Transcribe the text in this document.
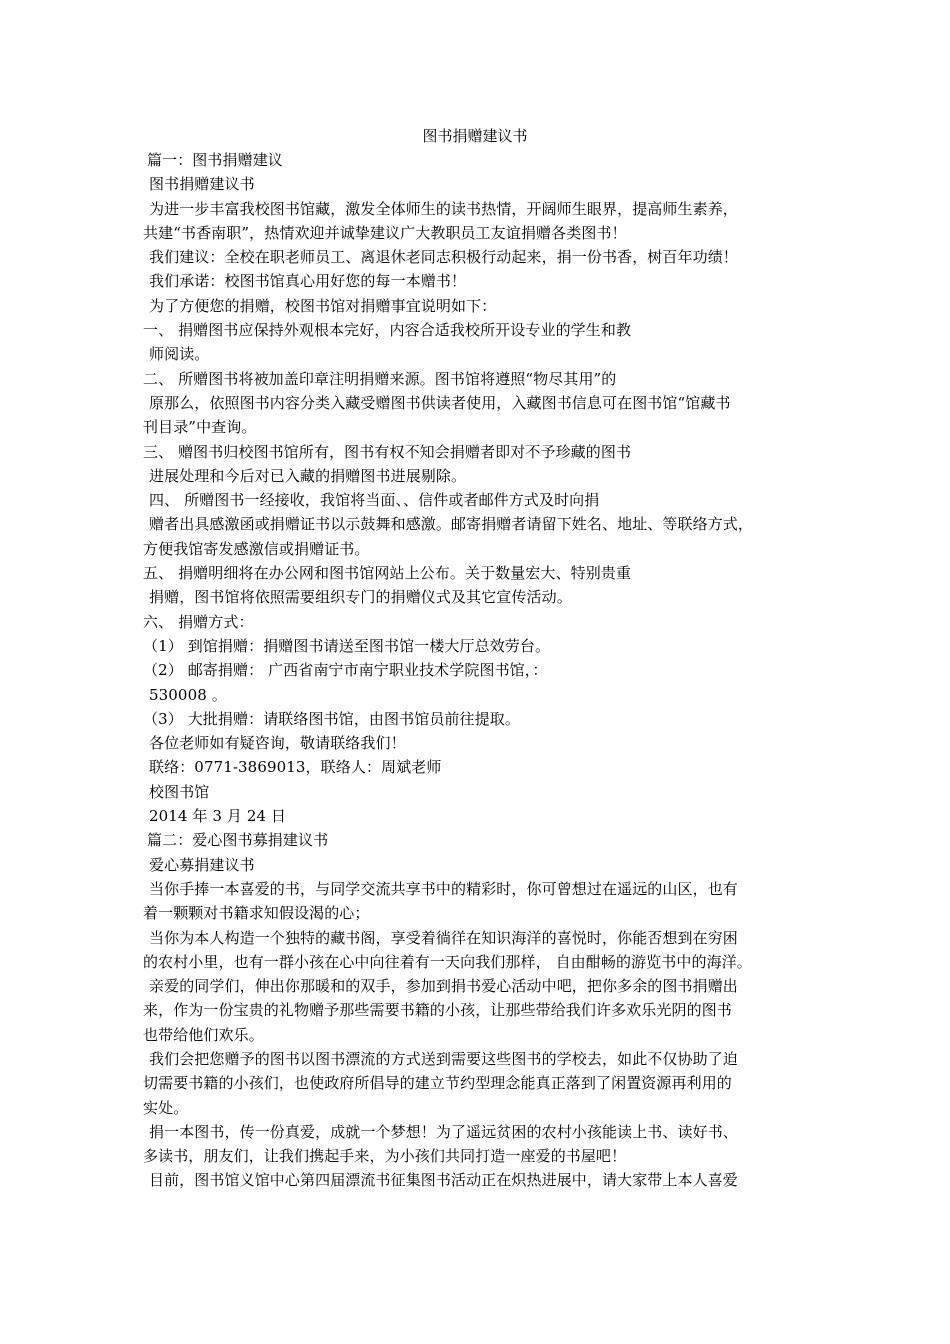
图书捐赠建议书
篇一：图书捐赠建议
图书捐赠建议书
为进一步丰富我校图书馆藏，激发全体师生的读书热情，开阔师生眼界，提高师生素养，
共建“书香南职”，热情欢迎并诚挚建议广大教职员工友谊捐赠各类图书！
我们建议：全校在职老师员工、离退休老同志积极行动起来，捐一份书香，树百年功绩！
我们承诺：校图书馆真心用好您的每一本赠书！
为了方便您的捐赠，校图书馆对捐赠事宜说明如下：
一、 捐赠图书应保持外观根本完好，内容合适我校所开设专业的学生和教
师阅读。
二、 所赠图书将被加盖印章注明捐赠来源。图书馆将遵照“物尽其用”的
原那么，依照图书内容分类入藏受赠图书供读者使用，入藏图书信息可在图书馆“馆藏书
刊目录”中查询。
三、 赠图书归校图书馆所有，图书有权不知会捐赠者即对不予珍藏的图书
进展处理和今后对已入藏的捐赠图书进展剔除。
四、 所赠图书一经接收，我馆将当面、、信件或者邮件方式及时向捐
赠者出具感激函或捐赠证书以示鼓舞和感激。邮寄捐赠者请留下姓名、地址、等联络方式，
方便我馆寄发感激信或捐赠证书。
五、 捐赠明细将在办公网和图书馆网站上公布。关于数量宏大、特别贵重
捐赠，图书馆将依照需要组织专门的捐赠仪式及其它宣传活动。
六、 捐赠方式：
（1） 到馆捐赠：捐赠图书请送至图书馆一楼大厅总效劳台。
（2） 邮寄捐赠： 广西省南宁市南宁职业技术学院图书馆，：
530008 。
（3） 大批捐赠：请联络图书馆，由图书馆员前往提取。
各位老师如有疑咨询，敬请联络我们！
联络：0771-3869013，联络人：周斌老师
校图书馆
2014 年 3 月 24 日
篇二：爱心图书募捐建议书
爱心募捐建议书
当你手捧一本喜爱的书，与同学交流共享书中的精彩时，你可曾想过在遥远的山区，也有
着一颗颗对书籍求知假设渴的心；
当你为本人构造一个独特的藏书阁，享受着徜徉在知识海洋的喜悦时，你能否想到在穷困
的农村小里，也有一群小孩在心中向往着有一天向我们那样， 自由酣畅的游览书中的海洋。
亲爱的同学们，伸出你那暖和的双手，参加到捐书爱心活动中吧，把你多余的图书捐赠出
来，作为一份宝贵的礼物赠予那些需要书籍的小孩，让那些带给我们许多欢乐光阴的图书
也带给他们欢乐。
我们会把您赠予的图书以图书漂流的方式送到需要这些图书的学校去，如此不仅协助了迫
切需要书籍的小孩们，也使政府所倡导的建立节约型理念能真正落到了闲置资源再利用的
实处。
捐一本图书，传一份真爱，成就一个梦想！为了遥远贫困的农村小孩能读上书、读好书、
多读书，朋友们，让我们携起手来，为小孩们共同打造一座爱的书屋吧！
目前，图书馆义馆中心第四届漂流书征集图书活动正在炽热进展中，请大家带上本人喜爱
